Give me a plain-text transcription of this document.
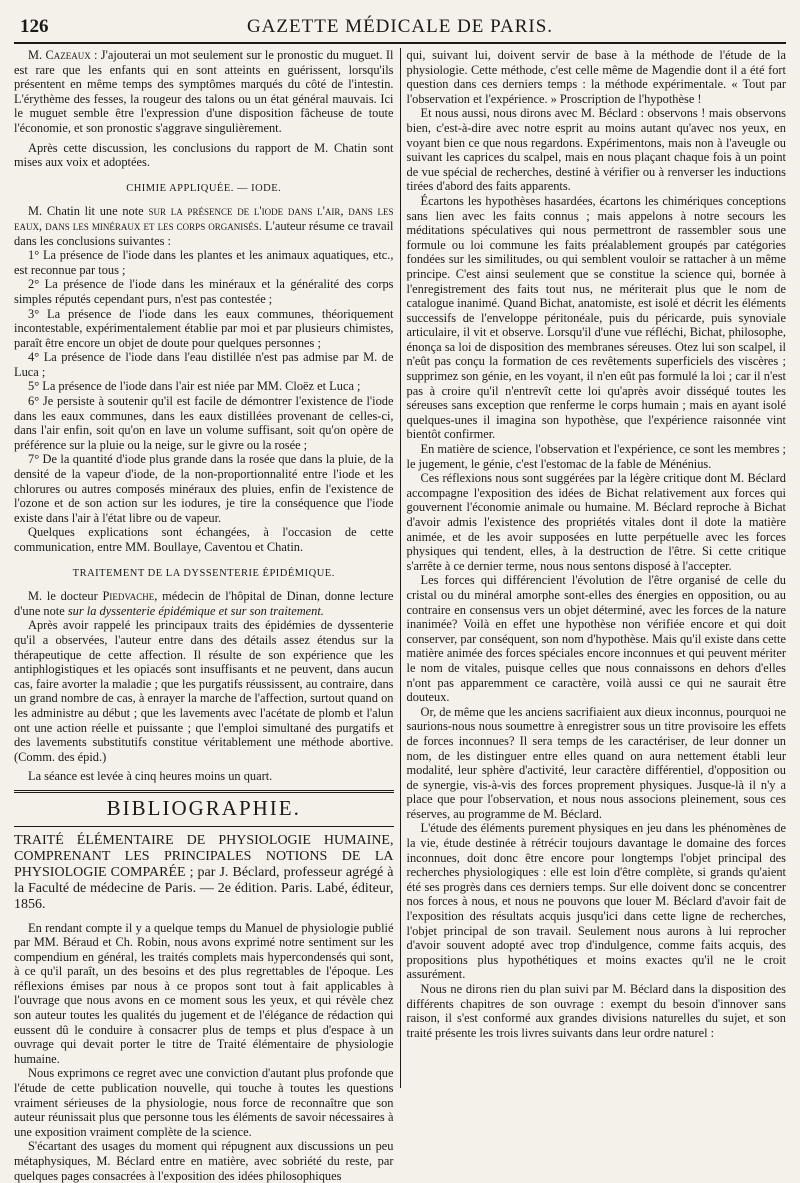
126	GAZETTE MÉDICALE DE PARIS.

M. Cazeaux : J'ajouterai un mot seulement sur le pronostic du muguet. Il est rare que les enfants qui en sont atteints en guérissent, lorsqu'ils présentent en même temps des symptômes marqués du côté de l'intestin. L'érythème des fesses, la rougeur des talons ou un état général mauvais. Ici le muguet semble être l'expression d'une disposition fâcheuse de toute l'économie, et son pronostic s'aggrave singulièrement.

Après cette discussion, les conclusions du rapport de M. Chatin sont mises aux voix et adoptées.

CHIMIE APPLIQUÉE. — IODE.

M. Chatin lit une note sur la présence de l'iode dans l'air, dans les eaux, dans les minéraux et les corps organisés. L'auteur résume ce travail dans les conclusions suivantes :

1° La présence de l'iode dans les plantes et les animaux aquatiques, etc., est reconnue par tous ;

2° La présence de l'iode dans les minéraux et la généralité des corps simples réputés cependant purs, n'est pas contestée ;

3° La présence de l'iode dans les eaux communes, théoriquement incontestable, expérimentalement établie par moi et par plusieurs chimistes, paraît être encore un objet de doute pour quelques personnes ;

4° La présence de l'iode dans l'eau distillée n'est pas admise par M. de Luca ;

5° La présence de l'iode dans l'air est niée par MM. Cloëz et Luca ;

6° Je persiste à soutenir qu'il est facile de démontrer l'existence de l'iode dans les eaux communes, dans les eaux distillées provenant de celles-ci, dans l'air enfin, soit qu'on en lave un volume suffisant, soit qu'on opère de préférence sur la pluie ou la neige, sur le givre ou la rosée ;

7° De la quantité d'iode plus grande dans la rosée que dans la pluie, de la densité de la vapeur d'iode, de la non-proportionnalité entre l'iode et les chlorures ou autres composés minéraux des pluies, enfin de l'existence de l'ozone et de son action sur les iodures, je tire la conséquence que l'iode existe dans l'air à l'état libre ou de vapeur.

Quelques explications sont échangées, à l'occasion de cette communication, entre MM. Boullaye, Caventou et Chatin.

TRAITEMENT DE LA DYSSENTERIE ÉPIDÉMIQUE.

M. le docteur Piedvache, médecin de l'hôpital de Dinan, donne lecture d'une note sur la dyssenterie épidémique et sur son traitement.

Après avoir rappelé les principaux traits des épidémies de dyssenterie qu'il a observées, l'auteur entre dans des détails assez étendus sur la thérapeutique de cette affection. Il résulte de son expérience que les antiphlogistiques et les opiacés sont insuffisants et ne peuvent, dans aucun cas, faire avorter la maladie ; que les purgatifs réussissent, au contraire, dans un grand nombre de cas, à enrayer la marche de l'affection, surtout quand on les administre au début ; que les lavements avec l'acétate de plomb et l'alun ont une action réelle et puissante ; que l'emploi simultané des purgatifs et des lavements substitutifs constitue véritablement une méthode abortive. (Comm. des épid.)

La séance est levée à cinq heures moins un quart.

BIBLIOGRAPHIE.

TRAITÉ ÉLÉMENTAIRE DE PHYSIOLOGIE HUMAINE, COMPRENANT LES PRINCIPALES NOTIONS DE LA PHYSIOLOGIE COMPARÉE ; par J. Béclard, professeur agrégé à la Faculté de médecine de Paris. — 2e édition. Paris. Labé, éditeur, 1856.

En rendant compte il y a quelque temps du Manuel de physiologie publié par MM. Béraud et Ch. Robin, nous avons exprimé notre sentiment sur les compendium en général, les traités complets mais hypercondensés qui sont, à ce qu'il paraît, un des besoins et des plus regrettables de l'époque. Les réflexions émises par nous à ce propos sont tout à fait applicables à l'ouvrage que nous avons en ce moment sous les yeux, et qui révèle chez son auteur toutes les qualités du jugement et de l'élégance de rédaction qui eussent dû le conduire à consacrer plus de temps et plus d'espace à un ouvrage qui devait porter le titre de Traité élémentaire de physiologie humaine.

Nous exprimons ce regret avec une conviction d'autant plus profonde que l'étude de cette publication nouvelle, qui touche à toutes les questions vraiment sérieuses de la physiologie, nous force de reconnaître que son auteur réunissait plus que personne tous les éléments de savoir nécessaires à une exposition vraiment complète de la science.

S'écartant des usages du moment qui répugnent aux discussions un peu métaphysiques, M. Béclard entre en matière, avec sobriété du reste, par quelques pages consacrées à l'exposition des idées philosophiques

qui, suivant lui, doivent servir de base à la méthode de l'étude de la physiologie. Cette méthode, c'est celle même de Magendie dont il a été fort question dans ces derniers temps : la méthode expérimentale. « Tout par l'observation et l'expérience. » Proscription de l'hypothèse !

Et nous aussi, nous dirons avec M. Béclard : observons ! mais observons bien, c'est-à-dire avec notre esprit au moins autant qu'avec nos yeux, en voyant bien ce que nous regardons. Expérimentons, mais non à l'aveugle ou suivant les caprices du scalpel, mais en nous plaçant chaque fois à un point de vue spécial de recherches, destiné à vérifier ou à renverser les inductions tirées d'abord des faits apparents.

Écartons les hypothèses hasardées, écartons les chimériques conceptions sans lien avec les faits connus ; mais appelons à notre secours les méditations spéculatives qui nous permettront de rassembler sous une formule ou loi commune les faits préalablement groupés par catégories fondées sur les similitudes, ou qui semblent vouloir se rattacher à un même principe. C'est ainsi seulement que se constitue la science qui, bornée à l'enregistrement des faits tout nus, ne mériterait plus que le nom de catalogue inanimé. Quand Bichat, anatomiste, est isolé et décrit les éléments successifs de l'enveloppe péritonéale, puis du péricarde, puis synoviale articulaire, il vit et observe. Lorsqu'il d'une vue réfléchi, Bichat, philosophe, énonça sa loi de disposition des membranes séreuses. Otez lui son scalpel, il n'eût pas conçu la formation de ces revêtements superficiels des viscères ; supprimez son génie, en les voyant, il n'en eût pas formulé la loi ; car il n'est pas à croire qu'il n'entrevît cette loi qu'après avoir disséqué toutes les séreuses sans exception que renferme le corps humain ; mais en ayant isolé quelques-unes il imagina son hypothèse, que l'expérience raisonnée vint bientôt confirmer.

En matière de science, l'observation et l'expérience, ce sont les membres ; le jugement, le génie, c'est l'estomac de la fable de Ménénius.

Ces réflexions nous sont suggérées par la légère critique dont M. Béclard accompagne l'exposition des idées de Bichat relativement aux forces qui gouvernent l'économie animale ou humaine. M. Béclard reproche à Bichat d'avoir admis l'existence des propriétés vitales dont il dote la matière animée, et de les avoir supposées en lutte perpétuelle avec les forces physiques qui tendent, elles, à la destruction de l'être. Si cette critique s'arrête à ce dernier terme, nous nous sentons disposé à l'accepter.

Les forces qui différencient l'évolution de l'être organisé de celle du cristal ou du minéral amorphe sont-elles des énergies en opposition, ou au contraire en consensus vers un objet déterminé, avec les forces de la nature inanimée? Voilà en effet une hypothèse non vérifiée encore et qui doit conserver, par conséquent, son nom d'hypothèse. Mais qu'il existe dans cette matière animée des forces spéciales encore inconnues et qui peuvent mériter le nom de vitales, puisque celles que nous connaissons en dehors d'elles n'ont pas apparemment ce caractère, voilà aussi ce qui ne saurait être douteux.

Or, de même que les anciens sacrifiaient aux dieux inconnus, pourquoi ne saurions-nous nous soumettre à enregistrer sous un titre provisoire les effets de forces inconnues? Il sera temps de les caractériser, de leur donner un nom, de les distinguer entre elles quand on aura nettement établi leur modalité, leur sphère d'activité, leur caractère différentiel, d'opposition ou de synergie, vis-à-vis des forces proprement physiques. Jusque-là il n'y a place que pour l'observation, et nous nous associons pleinement, sous ces réserves, au programme de M. Béclard.

L'étude des éléments purement physiques en jeu dans les phénomènes de la vie, étude destinée à rétrécir toujours davantage le domaine des forces inconnues, doit donc être encore pour longtemps l'objet principal des recherches physiologiques : elle est loin d'être complète, si grands qu'aient été ses progrès dans ces derniers temps. Sur elle doivent donc se concentrer nos forces à nous, et nous ne pouvons que louer M. Béclard d'avoir fait de l'exposition des résultats acquis jusqu'ici dans cette ligne de recherches, l'objet principal de son travail. Seulement nous aurons à lui reprocher d'avoir souvent adopté avec trop d'indulgence, comme faits acquis, des propositions plus hypothétiques et moins exactes qu'il ne le croit assurément.

Nous ne dirons rien du plan suivi par M. Béclard dans la disposition des différents chapitres de son ouvrage : exempt du besoin d'innover sans raison, il s'est conformé aux grandes divisions naturelles du sujet, et son traité présente les trois livres suivants dans leur ordre naturel :
